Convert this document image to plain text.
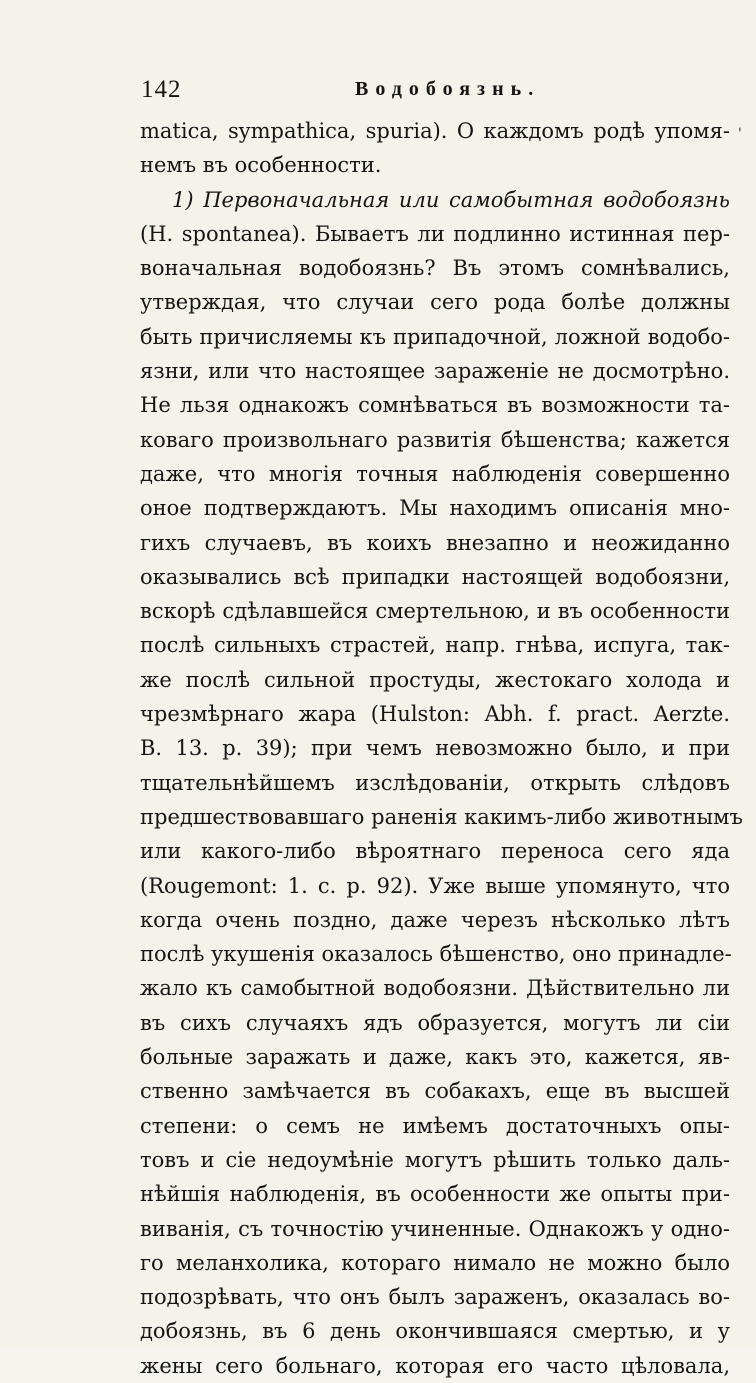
142	Водобоязнь.
'
matica, sympathica, spuria). О каждомъ родѣ упомя-
немъ въ особенности.
1) Первоначальная или самобытная водобоязнь
(H. spontanea). Бываетъ ли подлинно истинная пер-
воначальная водобоязнь? Въ этомъ сомнѣвались,
утверждая, что случаи сего рода болѣе должны
быть причисляемы къ припадочной, ложной водобо-
язни, или что настоящее зараженіе не досмотрѣно.
Не льзя однакожъ сомнѣваться въ возможности та-
коваго произвольнаго развитія бѣшенства; кажется
даже, что многія точныя наблюденія совершенно
оное подтверждаютъ. Мы находимъ описанія мно-
гихъ случаевъ, въ коихъ внезапно и неожиданно
оказывались всѣ припадки настоящей водобоязни,
вскорѣ сдѣлавшейся смертельною, и въ особенности
послѣ сильныхъ страстей, напр. гнѣва, испуга, так-
же послѣ сильной простуды, жестокаго холода и
чрезмѣрнаго жара (Hulston: Abh. f. pract. Aerzte.
B. 13. p. 39); при чемъ невозможно было, и при
тщательнѣйшемъ изслѣдованіи, открыть слѣдовъ
предшествовавшаго раненія какимъ-либо животнымъ
или какого-либо вѣроятнаго переноса сего яда
(Rougemont: 1. c. p. 92). Уже выше упомянуто, что
когда очень поздно, даже черезъ нѣсколько лѣтъ
послѣ укушенія оказалось бѣшенство, оно принадле-
жало къ самобытной водобоязни. Дѣйствительно ли
въ сихъ случаяхъ ядъ образуется, могутъ ли сіи
больные заражать и даже, какъ это, кажется, яв-
ственно замѣчается въ собакахъ, еще въ высшей
степени: о семъ не имѣемъ достаточныхъ опы-
товъ и сіе недоумѣніе могутъ рѣшить только даль-
нѣйшія наблюденія, въ особенности же опыты при-
виванія, съ точностію учиненные. Однакожъ у одно-
го меланхолика, котораго нимало не можно было
подозрѣвать, что онъ былъ зараженъ, оказалась во-
добоязнь, въ 6 день окончившаяся смертью, и у
жены сего больнаго, которая его часто цѣловала,
